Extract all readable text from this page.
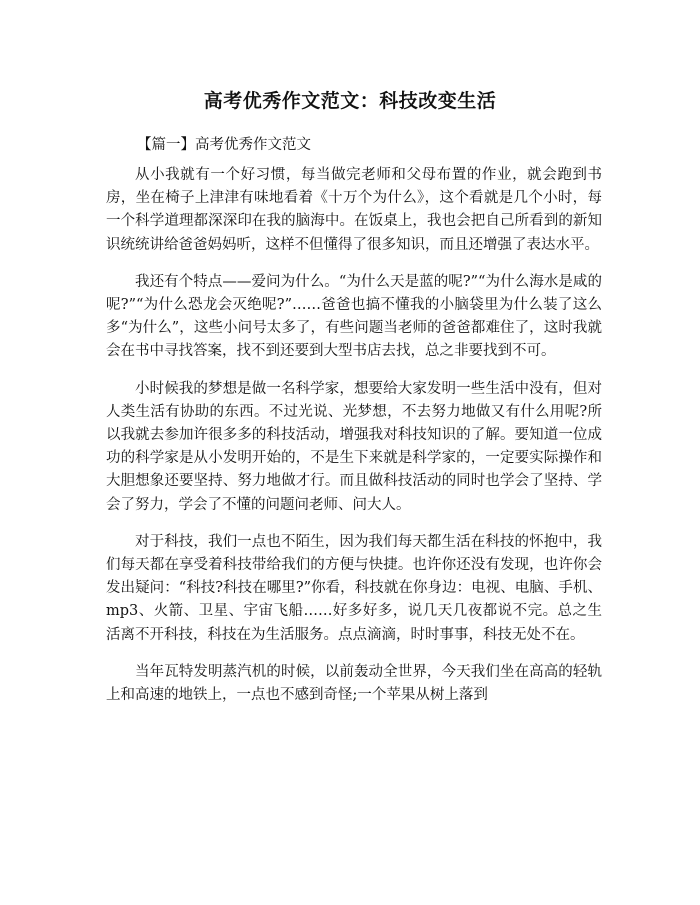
高考优秀作文范文：科技改变生活
【篇一】高考优秀作文范文

从小我就有一个好习惯，每当做完老师和父母布置的作业，就会跑到书房，坐在椅子上津津有味地看着《十万个为什么》，这个看就是几个小时，每一个科学道理都深深印在我的脑海中。在饭桌上，我也会把自己所看到的新知识统统讲给爸爸妈妈听，这样不但懂得了很多知识，而且还增强了表达水平。

我还有个特点——爱问为什么。“为什么天是蓝的呢?”“为什么海水是咸的呢?”“为什么恐龙会灭绝呢?”……爸爸也搞不懂我的小脑袋里为什么装了这么多“为什么”，这些小问号太多了，有些问题当老师的爸爸都难住了，这时我就会在书中寻找答案，找不到还要到大型书店去找，总之非要找到不可。

小时候我的梦想是做一名科学家，想要给大家发明一些生活中没有，但对人类生活有协助的东西。不过光说、光梦想，不去努力地做又有什么用呢?所以我就去参加许很多多的科技活动，增强我对科技知识的了解。要知道一位成功的科学家是从小发明开始的，不是生下来就是科学家的，一定要实际操作和大胆想象还要坚持、努力地做才行。而且做科技活动的同时也学会了坚持、学会了努力，学会了不懂的问题问老师、问大人。

对于科技，我们一点也不陌生，因为我们每天都生活在科技的怀抱中，我们每天都在享受着科技带给我们的方便与快捷。也许你还没有发现，也许你会发出疑问：“科技?科技在哪里?”你看，科技就在你身边：电视、电脑、手机、mp3、火箭、卫星、宇宙飞船……好多好多，说几天几夜都说不完。总之生活离不开科技，科技在为生活服务。点点滴滴，时时事事，科技无处不在。

当年瓦特发明蒸汽机的时候，以前轰动全世界，今天我们坐在高高的轻轨上和高速的地铁上，一点也不感到奇怪;一个苹果从树上落到
